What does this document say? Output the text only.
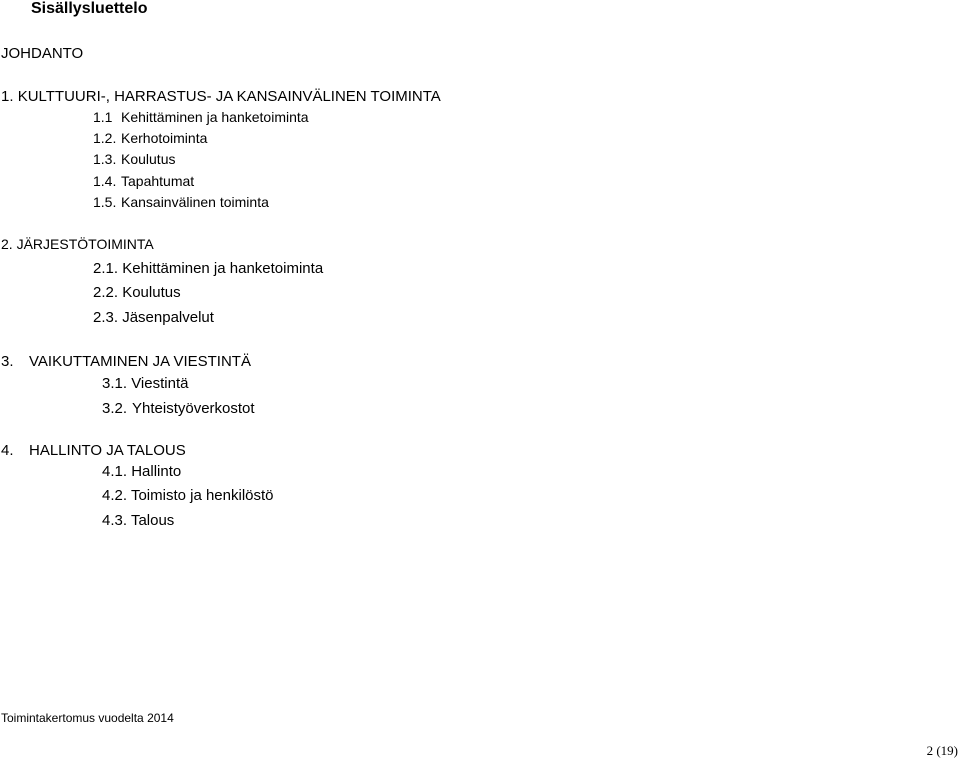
Sisällysluettelo
JOHDANTO
1. KULTTUURI-, HARRASTUS- JA KANSAINVÄLINEN TOIMINTA
1.1 Kehittäminen ja hanketoiminta
1.2. Kerhotoiminta
1.3. Koulutus
1.4. Tapahtumat
1.5. Kansainvälinen toiminta
2. JÄRJESTÖTOIMINTA
2.1. Kehittäminen ja hanketoiminta
2.2. Koulutus
2.3. Jäsenpalvelut
3. VAIKUTTAMINEN JA VIESTINTÄ
3.1. Viestintä
3.2. Yhteistyöverkostot
4. HALLINTO JA TALOUS
4.1. Hallinto
4.2. Toimisto ja henkilöstö
4.3. Talous
Toimintakertomus vuodelta 2014
2 (19)
